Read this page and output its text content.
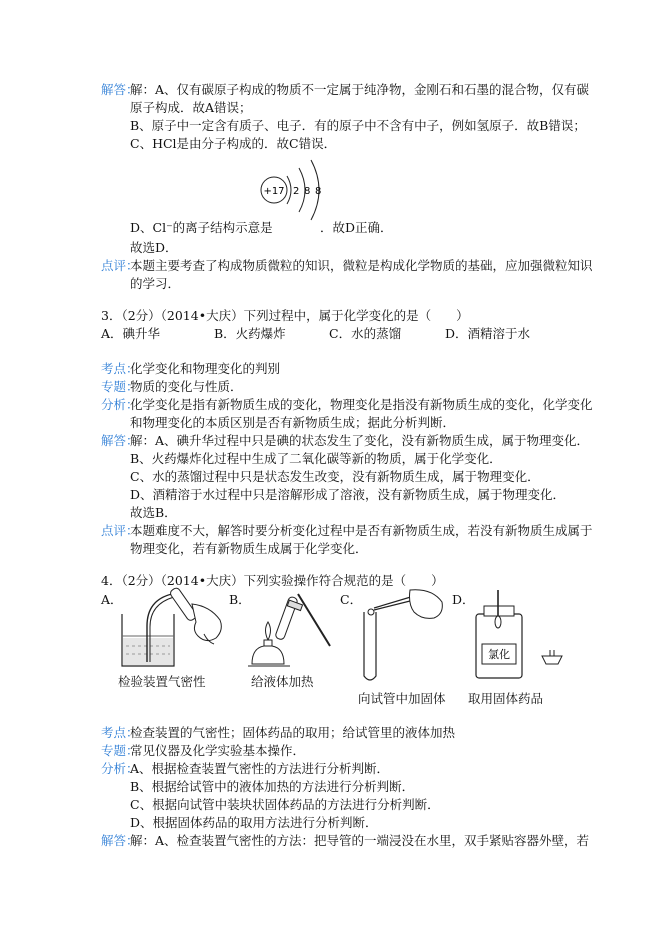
解答：
解：A、仅有碳原子构成的物质不一定属于纯净物，金刚石和石墨的混合物，仅有碳
原子构成．故A错误；
B、原子中一定含有质子、电子．有的原子中不含有中子，例如氢原子．故B错误；
C、HCl是由分子构成的．故C错误．
+17 2 8 8
D、Cl⁻的离子结构示意是	．故D正确．
故选D．
点评：
本题主要考查了构成物质微粒的知识，微粒是构成化学物质的基础，应加强微粒知识
的学习．
3．（2分）（2014•大庆）下列过程中，属于化学变化的是（　　）
A．碘升华	B．火药爆炸	C．水的蒸馏	D．酒精溶于水
考点：
化学变化和物理变化的判别
专题：
物质的变化与性质．
分析：
化学变化是指有新物质生成的变化，物理变化是指没有新物质生成的变化，化学变化
和物理变化的本质区别是否有新物质生成；据此分析判断．
解答：
解：A、碘升华过程中只是碘的状态发生了变化，没有新物质生成，属于物理变化．
B、火药爆炸化过程中生成了二氧化碳等新的物质，属于化学变化．
C、水的蒸馏过程中只是状态发生改变，没有新物质生成，属于物理变化．
D、酒精溶于水过程中只是溶解形成了溶液，没有新物质生成，属于物理变化．
故选B．
点评：
本题难度不大，解答时要分析变化过程中是否有新物质生成，若没有新物质生成属于
物理变化，若有新物质生成属于化学变化．
4．（2分）（2014•大庆）下列实验操作符合规范的是（　　）
A．	B．	C．	D．
检验装置气密性	给液体加热
向试管中加固体
氯化
取用固体药品
考点：
检查装置的气密性；固体药品的取用；给试管里的液体加热
专题：
常见仪器及化学实验基本操作．
分析：
A、根据检查装置气密性的方法进行分析判断．
B、根据给试管中的液体加热的方法进行分析判断．
C、根据向试管中装块状固体药品的方法进行分析判断．
D、根据固体药品的取用方法进行分析判断．
解答：
解：A、检查装置气密性的方法：把导管的一端浸没在水里，双手紧贴容器外壁，若
